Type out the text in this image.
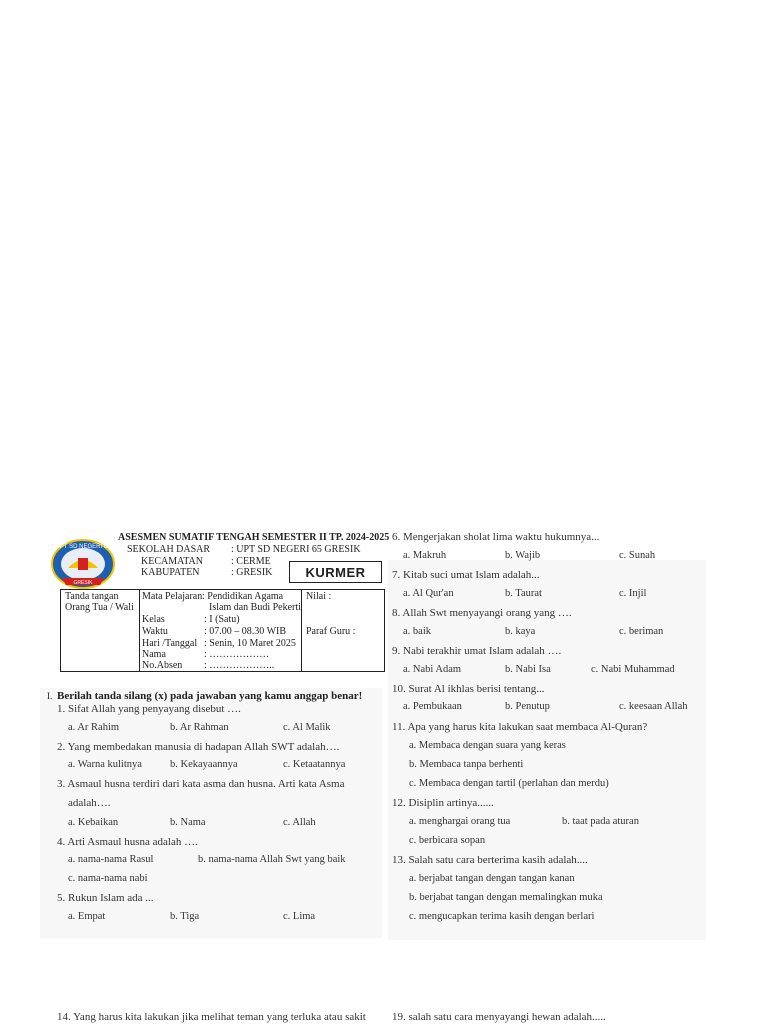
UPT SD NEGERI 65
GRESIK
ASESMEN SUMATIF TENGAH SEMESTER II TP. 2024-2025
SEKOLAH DASAR : UPT SD NEGERI 65 GRESIK
KECAMATAN	: CERME
KABUPATEN	: GRESIK	KURMER
Tanda tangan
Orang Tua / Wali
Mata Pelajaran : Pendidikan Agama
Islam dan Budi Pekerti
Kelas	: I (Satu)
Waktu	: 07.00 – 08.30 WIB
Hari /Tanggal : Senin, 10 Maret 2025
Nama	: ………………
No.Absen : ………………..
Nilai :
Paraf Guru :
I. Berilah tanda silang (x) pada jawaban yang kamu anggap benar!
1. Sifat Allah yang penyayang disebut ….
a. Ar Rahim	b. Ar Rahman	c. Al Malik
2. Yang membedakan manusia di hadapan Allah SWT adalah….
a. Warna kulitnya	b. Kekayaannya	c. Ketaatannya
3. Asmaul husna terdiri dari kata asma dan husna. Arti kata Asma
adalah….
a. Kebaikan	b. Nama	c. Allah
4. Arti Asmaul husna adalah ….
a. nama-nama Rasul	b. nama-nama Allah Swt yang baik
c. nama-nama nabi
5. Rukun Islam ada ...
a. Empat	b. Tiga	c. Lima
6. Mengerjakan sholat lima waktu hukumnya...
a. Makruh	b. Wajib	c. Sunah
7. Kitab suci umat Islam adalah...
a. Al Qur'an	b. Taurat	c. Injil
8. Allah Swt menyayangi orang yang ….
a. baik	b. kaya	c. beriman
9. Nabi terakhir umat Islam adalah ….
a. Nabi Adam	b. Nabi Isa	c. Nabi Muhammad
10. Surat Al ikhlas berisi tentang...
a. Pembukaan	b. Penutup	c. keesaan Allah
11. Apa yang harus kita lakukan saat membaca Al-Quran?
a. Membaca dengan suara yang keras
b. Membaca tanpa berhenti
c. Membaca dengan tartil (perlahan dan merdu)
12. Disiplin artinya......
a. menghargai orang tua	b. taat pada aturan
c. berbicara sopan
13. Salah satu cara berterima kasih adalah....
a. berjabat tangan dengan tangan kanan
b. berjabat tangan dengan memalingkan muka
c. mengucapkan terima kasih dengan berlari
14. Yang harus kita lakukan jika melihat teman yang terluka atau sakit 19. salah satu cara menyayangi hewan adalah.....
